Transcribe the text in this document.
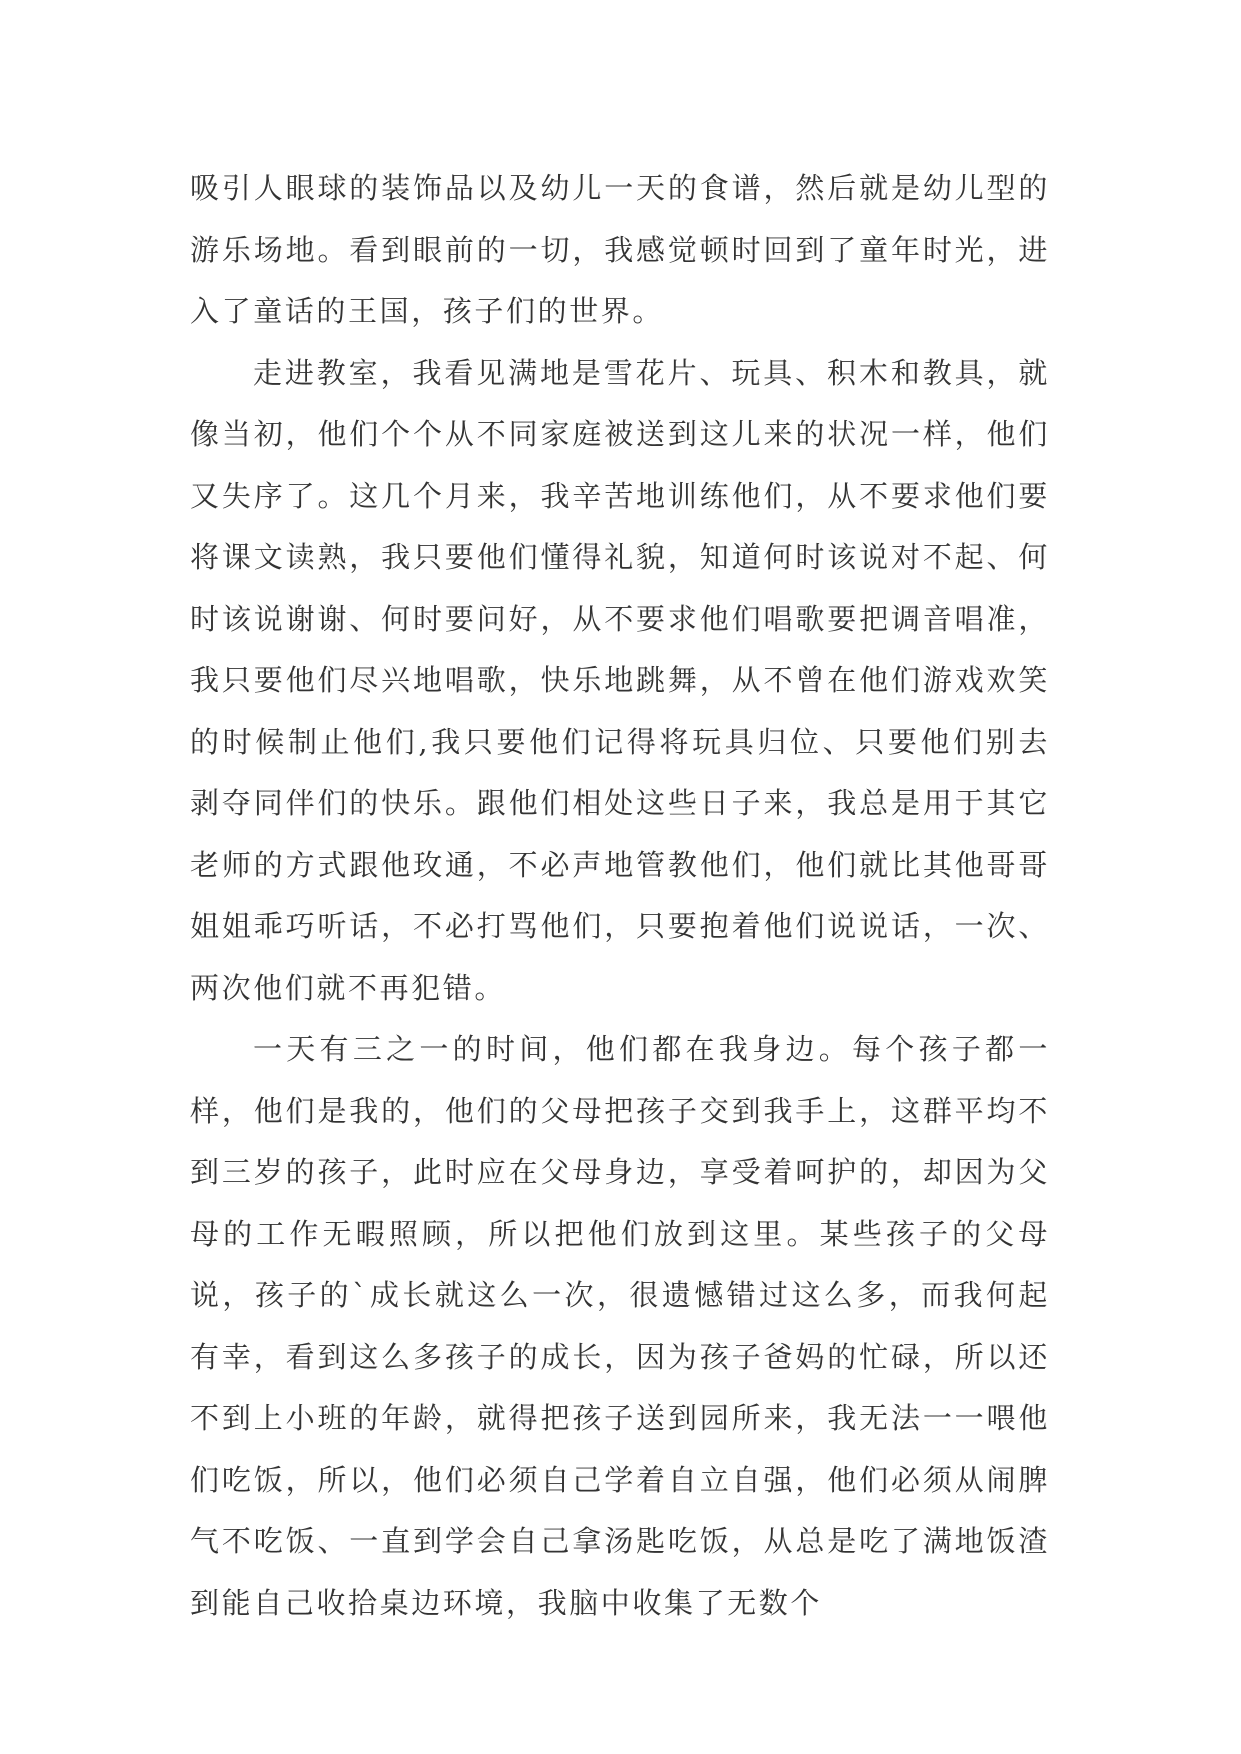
吸引人眼球的装饰品以及幼儿一天的食谱，然后就是幼儿型的游乐场地。看到眼前的一切，我感觉顿时回到了童年时光，进入了童话的王国，孩子们的世界。

走进教室，我看见满地是雪花片、玩具、积木和教具，就像当初，他们个个从不同家庭被送到这儿来的状况一样，他们又失序了。这几个月来，我辛苦地训练他们，从不要求他们要将课文读熟，我只要他们懂得礼貌，知道何时该说对不起、何时该说谢谢、何时要问好，从不要求他们唱歌要把调音唱准，我只要他们尽兴地唱歌，快乐地跳舞，从不曾在他们游戏欢笑的时候制止他们,我只要他们记得将玩具归位、只要他们别去剥夺同伴们的快乐。跟他们相处这些日子来，我总是用于其它老师的方式跟他玫通，不必声地管教他们，他们就比其他哥哥姐姐乖巧听话，不必打骂他们，只要抱着他们说说话，一次、两次他们就不再犯错。

一天有三之一的时间，他们都在我身边。每个孩子都一样，他们是我的，他们的父母把孩子交到我手上，这群平均不到三岁的孩子，此时应在父母身边，享受着呵护的，却因为父母的工作无暇照顾，所以把他们放到这里。某些孩子的父母说，孩子的`成长就这么一次，很遗憾错过这么多，而我何起有幸，看到这么多孩子的成长，因为孩子爸妈的忙碌，所以还不到上小班的年龄，就得把孩子送到园所来，我无法一一喂他们吃饭，所以，他们必须自己学着自立自强，他们必须从闹脾气不吃饭、一直到学会自己拿汤匙吃饭，从总是吃了满地饭渣到能自己收拾桌边环境，我脑中收集了无数个
